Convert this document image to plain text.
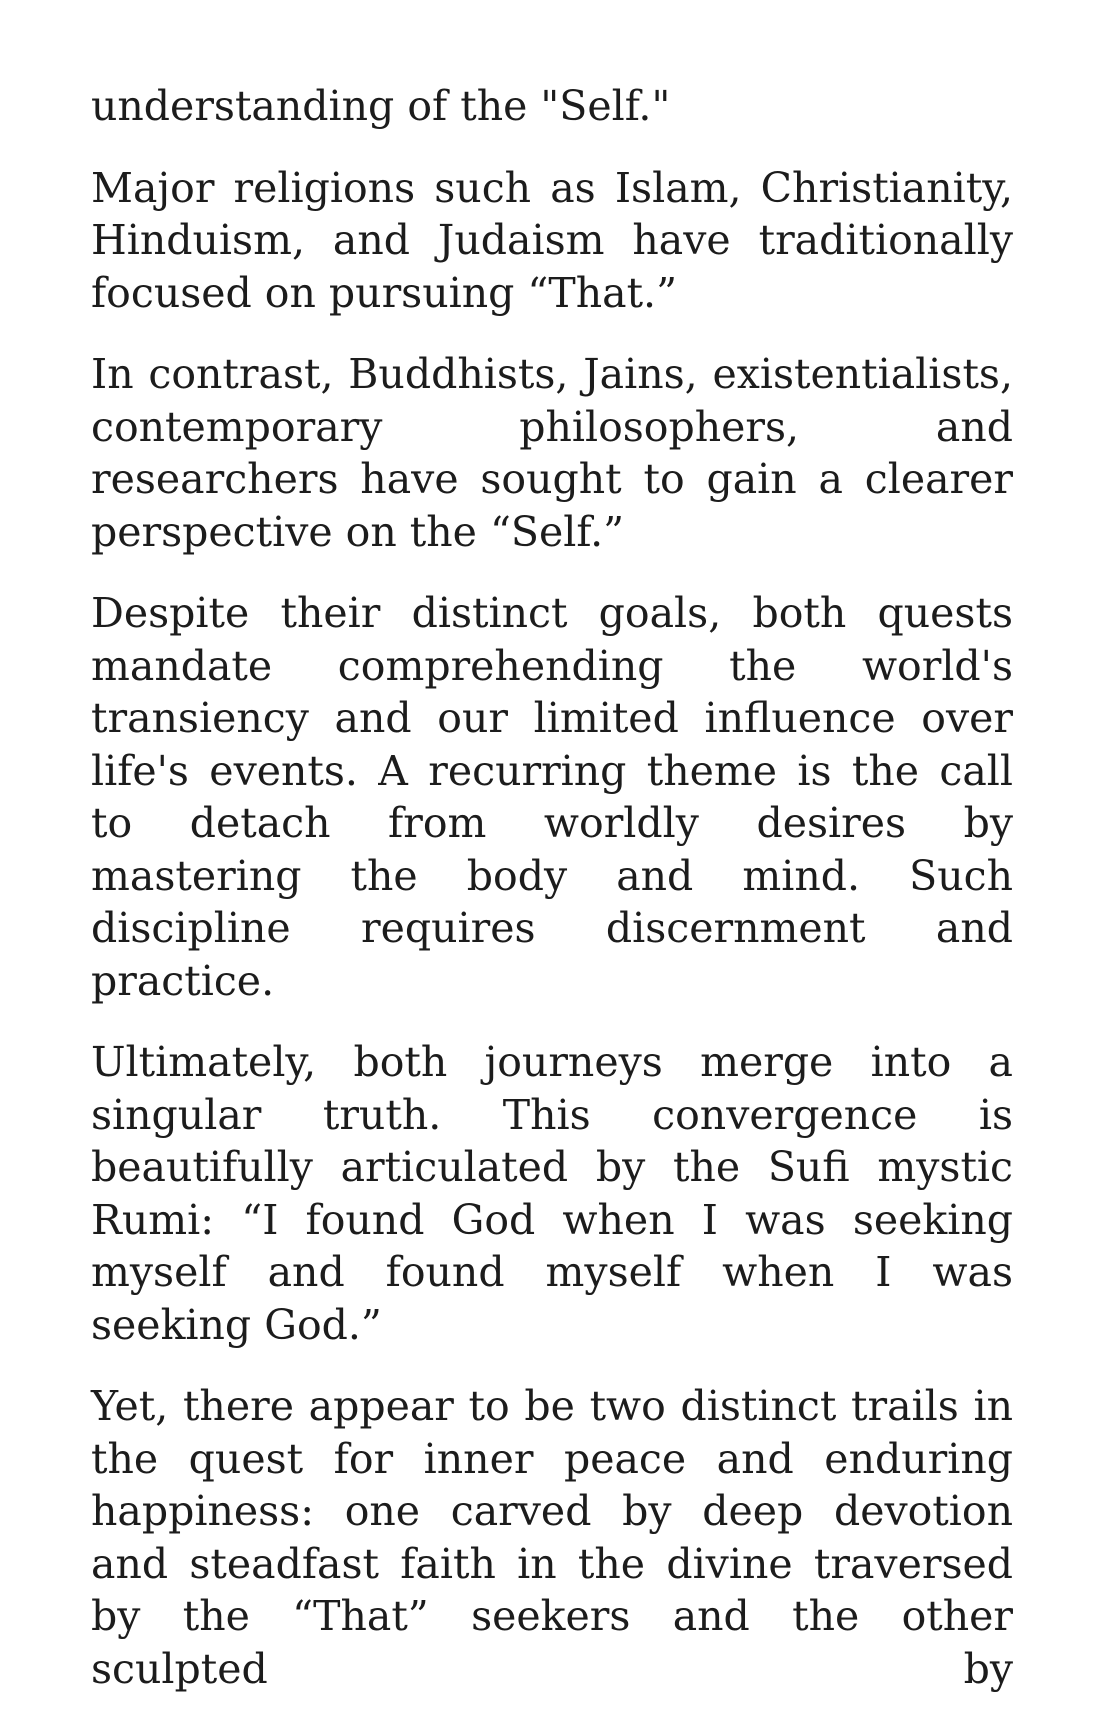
understanding of the "Self."

Major religions such as Islam, Christianity, Hinduism, and Judaism have traditionally focused on pursuing “That.”

In contrast, Buddhists, Jains, existentialists, contemporary philosophers, and researchers have sought to gain a clearer perspective on the “Self.”

Despite their distinct goals, both quests mandate comprehending the world's transiency and our limited influence over life's events. A recurring theme is the call to detach from worldly desires by mastering the body and mind. Such discipline requires discernment and practice.

Ultimately, both journeys merge into a singular truth. This convergence is beautifully articulated by the Sufi mystic Rumi: “I found God when I was seeking myself and found myself when I was seeking God.”

Yet, there appear to be two distinct trails in the quest for inner peace and enduring happiness: one carved by deep devotion and steadfast faith in the divine traversed by the “That” seekers and the other sculpted by
